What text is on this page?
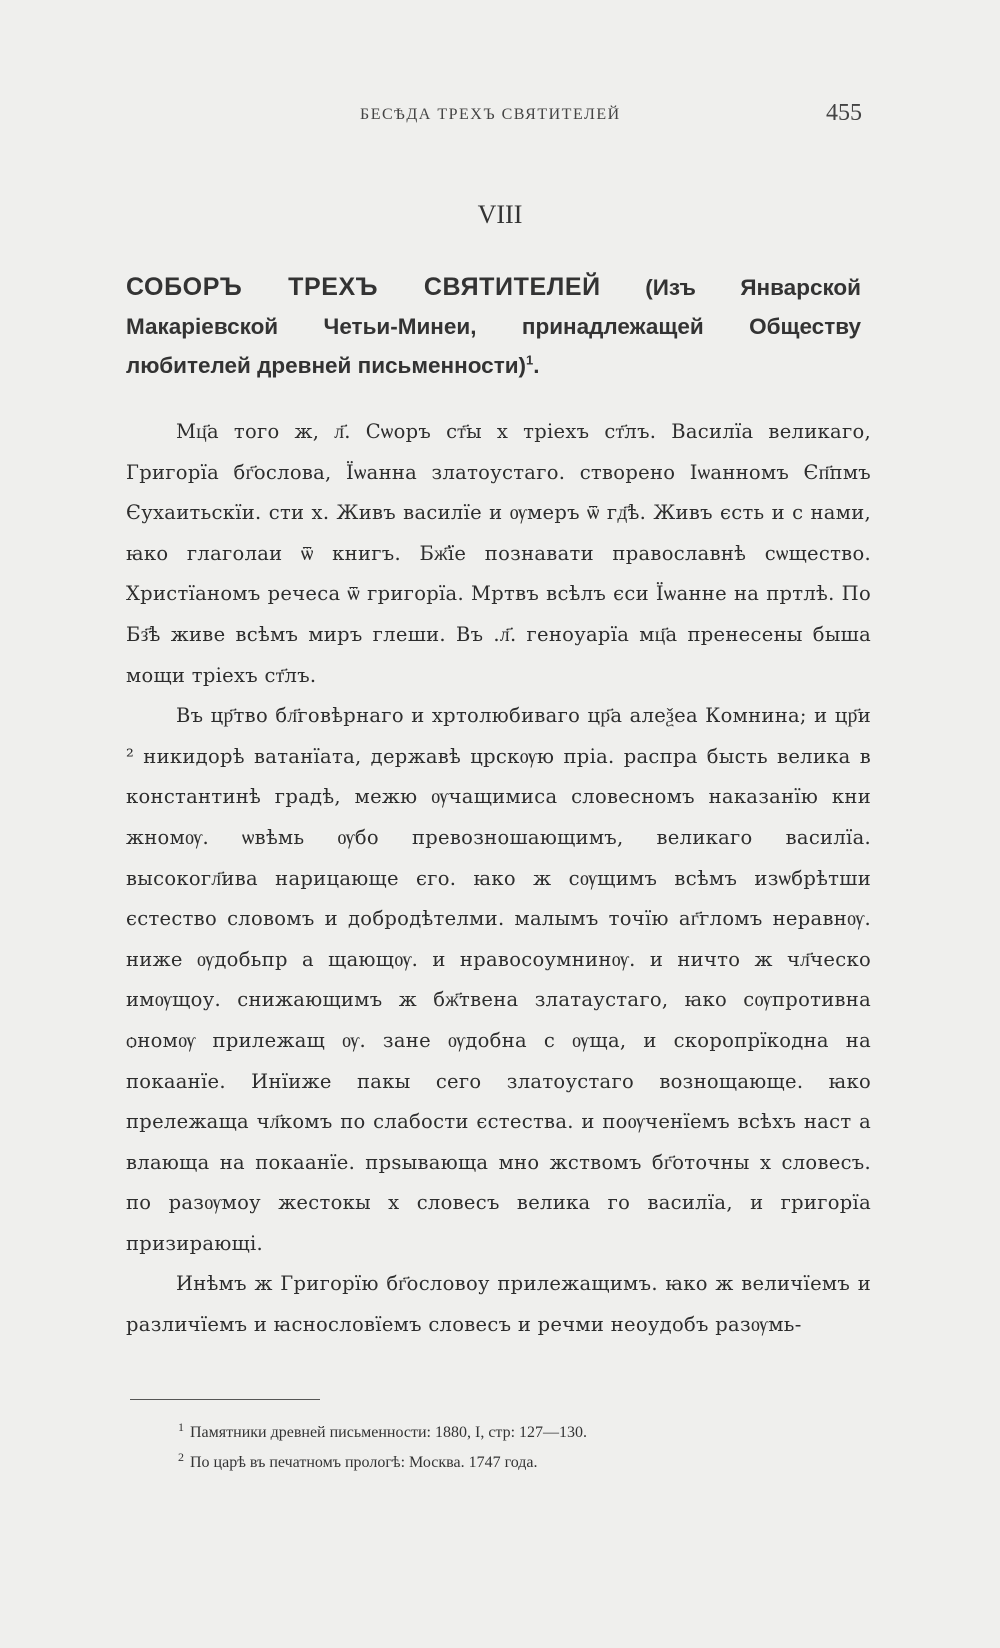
БЕСѢДА ТРЕХЪ СВЯТИТЕЛЕЙ	455
VIII
СОБОРЪ ТРЕХЪ СВЯТИТЕЛЕЙ (Изъ Январской Макаріевской Четьи-Минеи, принадлежащей Обществу любителей древней письменности)$^1$.

Мц҃а того ж, л҃. Сѡоръ ст҃ы х тріехъ ст҃лъ. Василїа великаго, Григорїа бг҃ослова, Їѡанна златоустаго. створено Іѡанномъ Єп҃пмъ Єухаитьскїи. сти х. Живъ василїе и ѹмеръ ѿ гд҃ѣ. Живъ єсть и с нами, ꙗко глаголаи ѿ книгъ. Бж҃їе познавати православнѣ сѡщество. Христїаномъ речеса ѿ григорїа. Мртвъ всѣлъ єси Їѡанне на пртлѣ. По Бз҃ѣ живе всѣмъ миръ глеши. Въ .л҃. геноуарїа мц҃а пренесены быша мощи тріехъ ст҃лъ.

Въ цр҃тво бл҃говѣрнаго и хртолюбиваго цр҃а алеѯеа Комнина; и цр҃и ² никидорѣ ватанїата, державѣ црскѹю пріа. распра бысть велика в константинѣ градѣ, межю ѹчащимиса словесномъ наказанїю кни жномѹ. ѡвѣмь ѹбо превозношающимъ, великаго василїа. высокогл҃ива нарицающе єго. ꙗко ж сѹщимъ всѣмъ изѡбрѣтши єстество словомъ и добродѣтелми. малымъ точїю аг҃гломъ неравнѹ. ниже ѹдобьпр а щающѹ. и нравосоумнинѹ. и ничто ж чл҃ческо имѹщоу. снижающимъ ж бж҃твена златаустаго, ꙗко сѹпротивна ѻномѹ прилежащ ѹ. зане ѹдобна с ѹща, и скоропрїкодна на покаанїе. Инїиже пакы сего златоустаго вознощающе. ꙗко прележаща чл҃комъ по слабости єстества. и поѹченїемъ всѣхъ наст а влающа на покаанїе. прѕывающа мно жствомъ бг҃оточны х словесъ. по разѹмоу жестокы х словесъ велика го василїа, и григорїа призирающі.

Инѣмъ ж Григорїю бг҃ословоу прилежащимъ. ꙗко ж величїемъ и различїемъ и ꙗснословїемъ словесъ и речми неоудобъ разѹмь-

$^1$ Памятники древней письменности: 1880, I, стр: 127—130.
$^2$ По царѣ въ печатномъ прологѣ: Москва. 1747 года.
